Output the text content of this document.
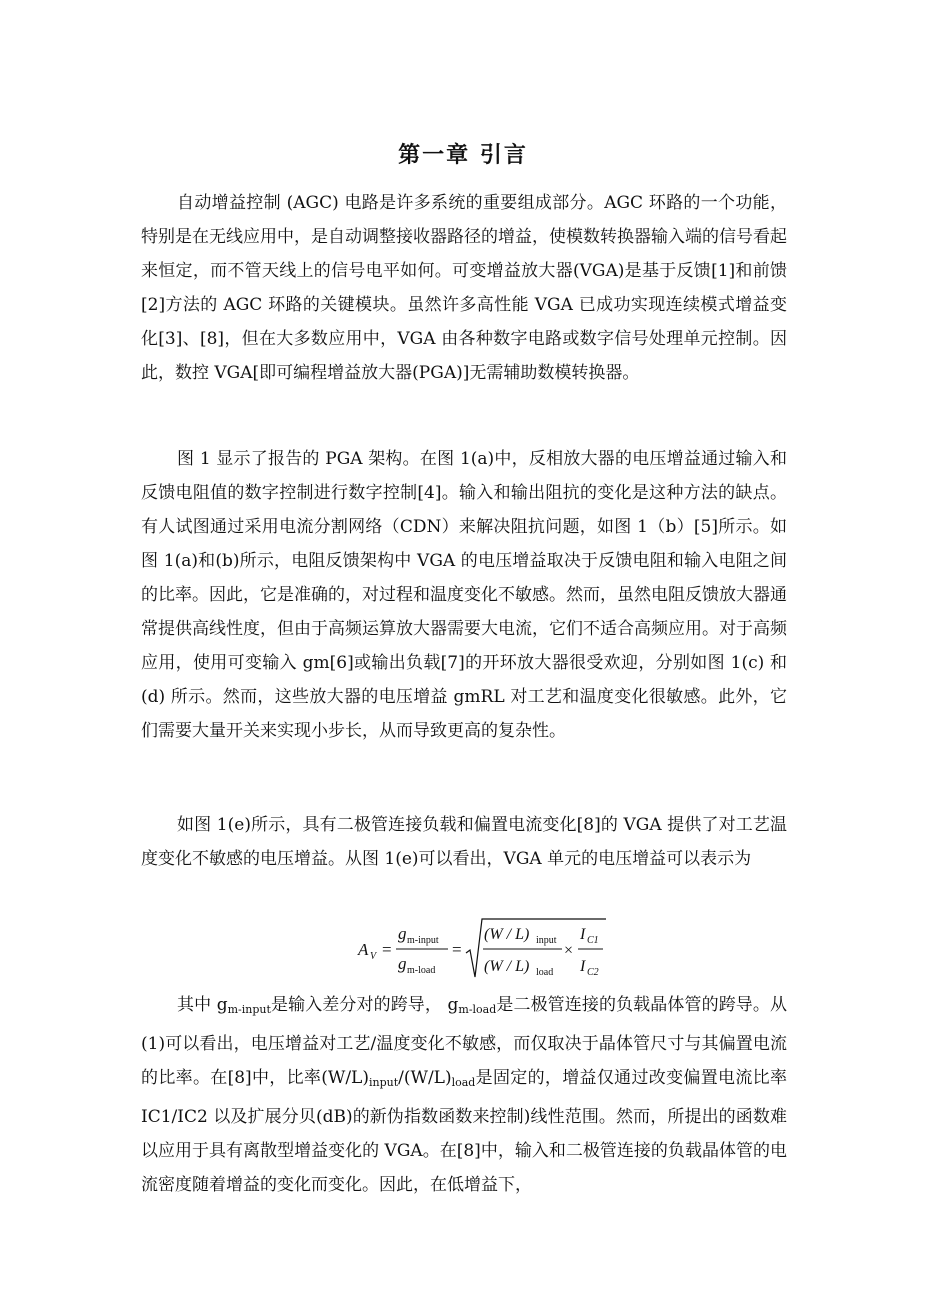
第一章 引言

自动增益控制 (AGC) 电路是许多系统的重要组成部分。AGC 环路的一个功能，特别是在无线应用中，是自动调整接收器路径的增益，使模数转换器输入端的信号看起来恒定，而不管天线上的信号电平如何。可变增益放大器(VGA)是基于反馈[1]和前馈[2]方法的 AGC 环路的关键模块。虽然许多高性能 VGA 已成功实现连续模式增益变化[3]、[8]，但在大多数应用中，VGA 由各种数字电路或数字信号处理单元控制。因此，数控 VGA[即可编程增益放大器(PGA)]无需辅助数模转换器。

图 1 显示了报告的 PGA 架构。在图 1(a)中，反相放大器的电压增益通过输入和反馈电阻值的数字控制进行数字控制[4]。输入和输出阻抗的变化是这种方法的缺点。有人试图通过采用电流分割网络（CDN）来解决阻抗问题，如图 1（b）[5]所示。如图 1(a)和(b)所示，电阻反馈架构中 VGA 的电压增益取决于反馈电阻和输入电阻之间的比率。因此，它是准确的，对过程和温度变化不敏感。然而，虽然电阻反馈放大器通常提供高线性度，但由于高频运算放大器需要大电流，它们不适合高频应用。对于高频应用，使用可变输入 gm[6]或输出负载[7]的开环放大器很受欢迎，分别如图 1(c) 和 (d) 所示。然而，这些放大器的电压增益 gmRL 对工艺和温度变化很敏感。此外，它们需要大量开关来实现小步长，从而导致更高的复杂性。

如图 1(e)所示，具有二极管连接负载和偏置电流变化[8]的 VGA 提供了对工艺温度变化不敏感的电压增益。从图 1(e)可以看出，VGA 单元的电压增益可以表示为

A V =
g m-input
g m-load
=
(W / L) input
(W / L) load
×
I C1
I C2

其中 $g_{m-input}$是输入差分对的跨导， $g_{m-load}$是二极管连接的负载晶体管的跨导。从(1)可以看出，电压增益对工艺/温度变化不敏感，而仅取决于晶体管尺寸与其偏置电流的比率。在[8]中，比率$(W/L)_{input}/(W/L)_{load}$是固定的，增益仅通过改变偏置电流比率 IC1/IC2 以及扩展分贝(dB)的新伪指数函数来控制)线性范围。然而，所提出的函数难以应用于具有离散型增益变化的 VGA。在[8]中，输入和二极管连接的负载晶体管的电流密度随着增益的变化而变化。因此，在低增益下，
